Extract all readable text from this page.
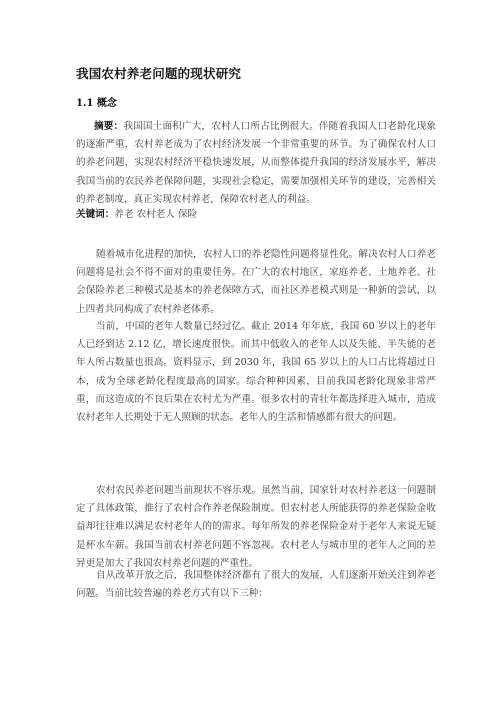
我国农村养老问题的现状研究
1.1 概念
摘要：我国国土面积广大，农村人口所占比例很大。伴随着我国人口老龄化现象的逐渐严重，农村养老成为了农村经济发展一个非常重要的环节。为了确保农村人口的养老问题，实现农村经济平稳快速发展，从而整体提升我国的经济发展水平，解决我国当前的农民养老保障问题，实现社会稳定，需要加强相关环节的建设，完善相关的养老制度，真正实现农村养老，保障农村老人的利益。
关键词：养老 农村老人 保险

随着城市化进程的加快，农村人口的养老隐性问题将显性化。解决农村人口养老问题将是社会不得不面对的重要任务。在广大的农村地区，家庭养老、土地养老、社会保险养老三种模式是基本的养老保障方式，而社区养老模式则是一种新的尝试，以上四者共同构成了农村养老体系。

当前，中国的老年人数量已经过亿。截止 2014 年年底，我国 60 岁以上的老年人已经到达 2.12 亿，增长速度很快。而其中低收入的老年人以及失能、半失能的老年人所占数量也很高。资料显示，到 2030 年，我国 65 岁以上的人口占比将超过日本，成为全球老龄化程度最高的国家。综合种种因素，目前我国老龄化现象非常严重，而这造成的不良后果在农村尤为严重。很多农村的青壮年都选择进入城市，造成农村老年人长期处于无人照顾的状态。老年人的生活和情感都有很大的问题。

农村农民养老问题当前现状不容乐观。虽然当前，国家针对农村养老这一问题制定了具体政策，推行了农村合作养老保险制度。但农村老人所能获得的养老保险金收益却往往难以满足农村老年人的的需求。每年所发的养老保险金对于老年人来说无疑是杯水车薪。我国当前农村养老问题不容忽视。农村老人与城市里的老年人之间的差异更是加大了我国农村养老问题的严重性。

自从改革开放之后，我国整体经济都有了很大的发展，人们逐渐开始关注到养老问题。当前比较普遍的养老方式有以下三种：
